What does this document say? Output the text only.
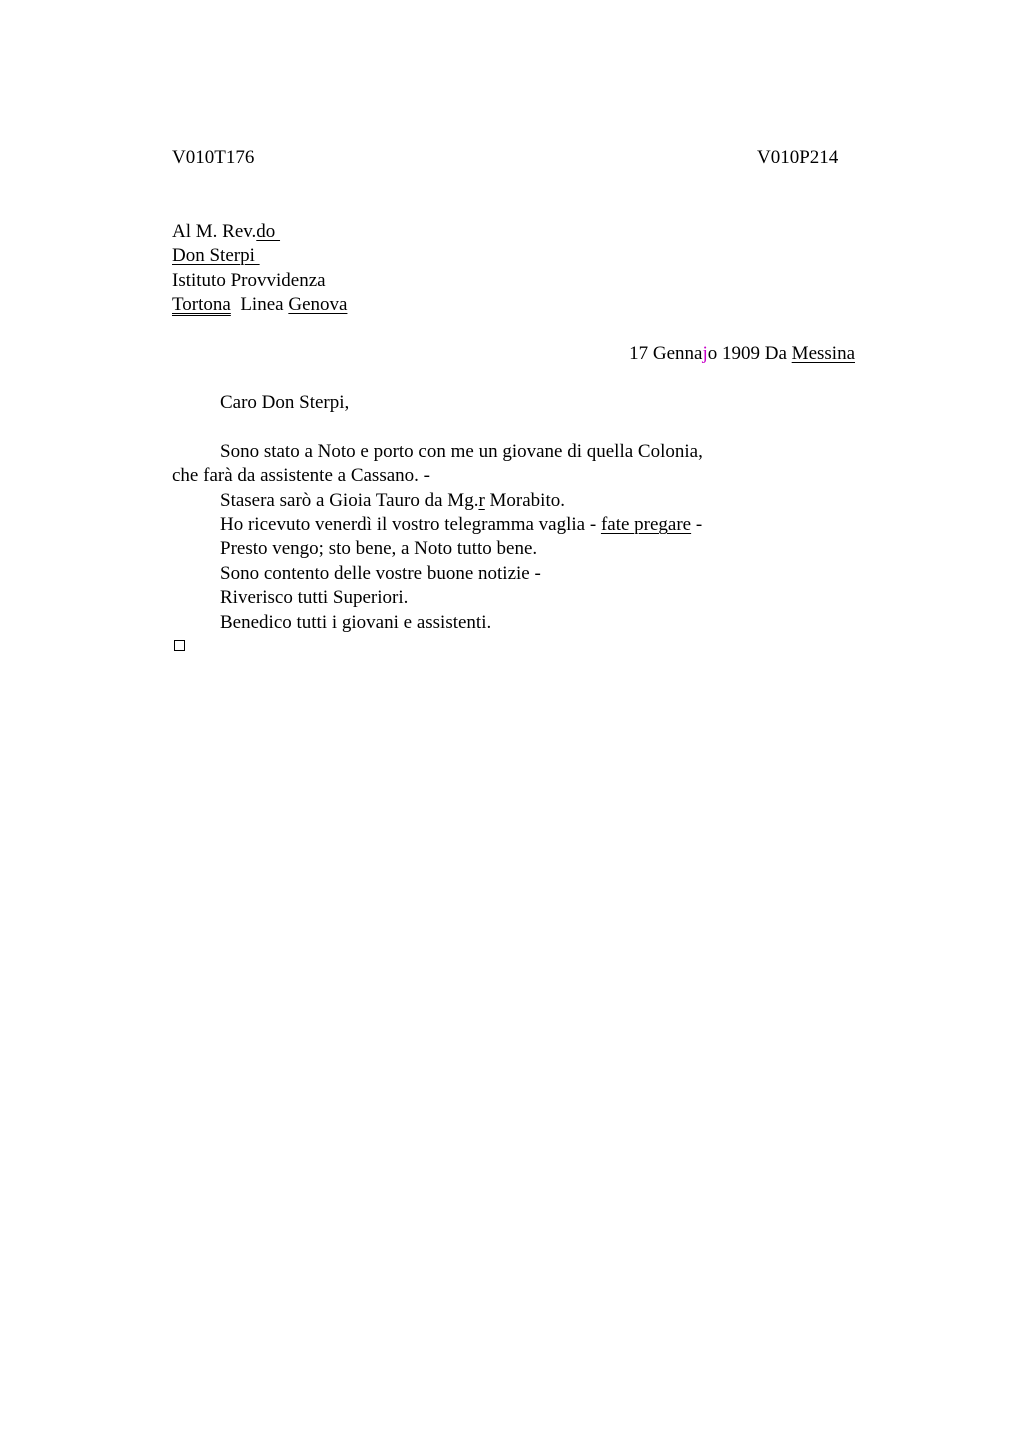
V010T176	V010P214
Al M. Rev.do
Don Sterpi
Istituto Provvidenza
Tortona  Linea Genova
17 Gennajo 1909 Da Messina
Caro Don Sterpi,
Sono stato a Noto e porto con me un giovane di quella Colonia,
che farà da assistente a Cassano. -
Stasera sarò a Gioia Tauro da Mg.r Morabito.
Ho ricevuto venerdì il vostro telegramma vaglia - fate pregare -
Presto vengo; sto bene, a Noto tutto bene.
Sono contento delle vostre buone notizie -
Riverisco tutti Superiori.
Benedico tutti i giovani e assistenti.
